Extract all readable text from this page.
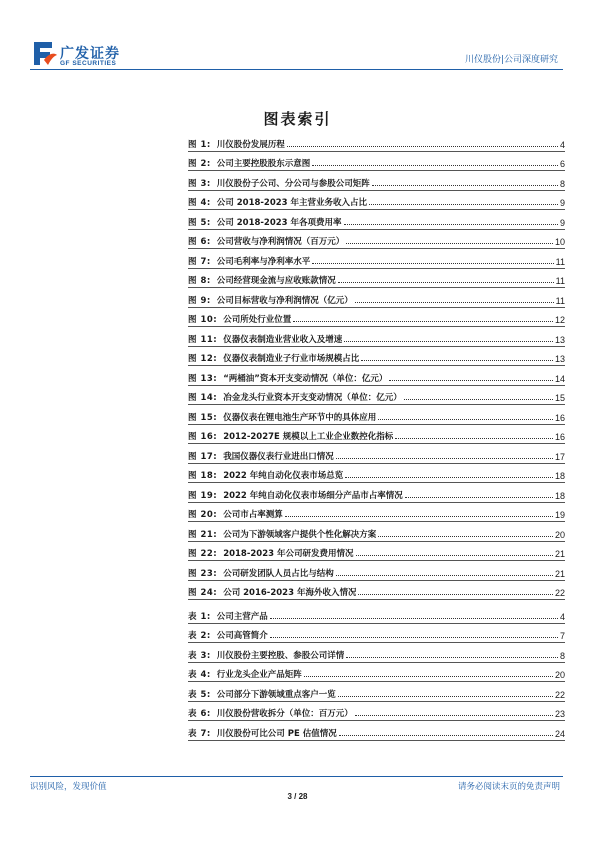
广发证券
GF SECURITIES	川仪股份|公司深度研究
图表索引
图 1: 川仪股份发展历程	4
图 2: 公司主要控股股东示意图	6
图 3: 川仪股份子公司、分公司与参股公司矩阵	8
图 4: 公司 2018-2023 年主营业务收入占比	9
图 5: 公司 2018-2023 年各项费用率	9
图 6: 公司营收与净利润情况（百万元）	10
图 7: 公司毛利率与净利率水平	11
图 8: 公司经营现金流与应收账款情况	11
图 9: 公司目标营收与净利润情况（亿元）	11
图 10: 公司所处行业位置	12
图 11: 仪器仪表制造业营业收入及增速	13
图 12: 仪器仪表制造业子行业市场规模占比	13
图 13: “两桶油”资本开支变动情况（单位：亿元）	14
图 14: 冶金龙头行业资本开支变动情况（单位：亿元）	15
图 15: 仪器仪表在锂电池生产环节中的具体应用	16
图 16: 2012-2027E 规模以上工业企业数控化指标	16
图 17: 我国仪器仪表行业进出口情况	17
图 18: 2022 年纯自动化仪表市场总览	18
图 19: 2022 年纯自动化仪表市场细分产品市占率情况	18
图 20: 公司市占率测算	19
图 21: 公司为下游领域客户提供个性化解决方案	20
图 22: 2018-2023 年公司研发费用情况	21
图 23: 公司研发团队人员占比与结构	21
图 24: 公司 2016-2023 年海外收入情况	22
表 1: 公司主营产品	4
表 2: 公司高管简介	7
表 3: 川仪股份主要控股、参股公司详情	8
表 4: 行业龙头企业产品矩阵	20
表 5: 公司部分下游领域重点客户一览	22
表 6: 川仪股份营收拆分（单位：百万元）	23
表 7: 川仪股份可比公司 PE 估值情况	24
识别风险，发现价值	请务必阅读末页的免责声明
3 / 28
